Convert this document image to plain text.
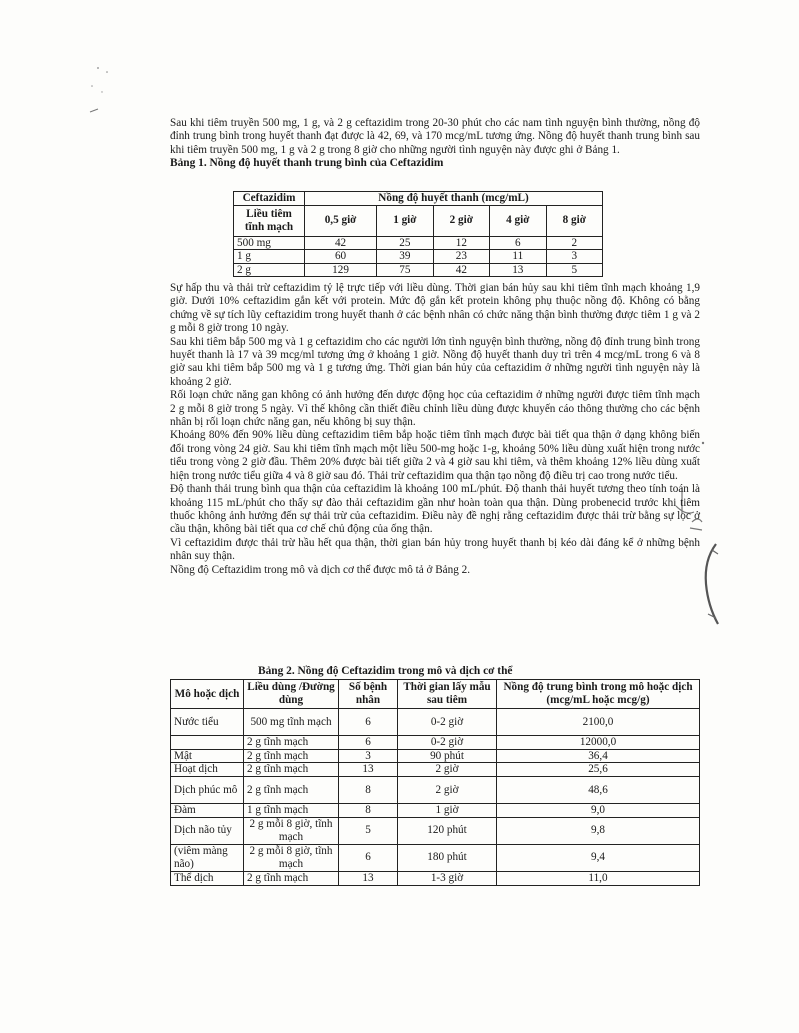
Sau khi tiêm truyền 500 mg, 1 g, và 2 g ceftazidim trong 20-30 phút cho các nam tình nguyện bình thường, nồng độ đỉnh trung bình trong huyết thanh đạt được là 42, 69, và 170 mcg/mL tương ứng. Nồng độ huyết thanh trung bình sau khi tiêm truyền 500 mg, 1 g và 2 g trong 8 giờ cho những người tình nguyện này được ghi ở Bảng 1.

Bảng 1. Nồng độ huyết thanh trung bình của Ceftazidim
Ceftazidim	Nồng độ huyết thanh (mcg/mL)				
Liều tiêm tĩnh mạch	0,5 giờ	1 giờ	2 giờ	4 giờ	8 giờ
500 mg	42	25	12	6	2
1 g	60	39	23	11	3
2 g	129	75	42	13	5

Sự hấp thu và thải trừ ceftazidim tỷ lệ trực tiếp với liều dùng. Thời gian bán hủy sau khi tiêm tĩnh mạch khoảng 1,9 giờ. Dưới 10% ceftazidim gắn kết với protein. Mức độ gắn kết protein không phụ thuộc nồng độ. Không có bằng chứng về sự tích lũy ceftazidim trong huyết thanh ở các bệnh nhân có chức năng thận bình thường được tiêm 1 g và 2 g mỗi 8 giờ trong 10 ngày.

Sau khi tiêm bắp 500 mg và 1 g ceftazidim cho các người lớn tình nguyện bình thường, nồng độ đỉnh trung bình trong huyết thanh là 17 và 39 mcg/ml tương ứng ở khoảng 1 giờ. Nồng độ huyết thanh duy trì trên 4 mcg/mL trong 6 và 8 giờ sau khi tiêm bắp 500 mg và 1 g tương ứng. Thời gian bán hủy của ceftazidim ở những người tình nguyện này là khoảng 2 giờ.

Rối loạn chức năng gan không có ảnh hưởng đến dược động học của ceftazidim ở những người được tiêm tĩnh mạch 2 g mỗi 8 giờ trong 5 ngày. Vì thế không cần thiết điều chỉnh liều dùng được khuyến cáo thông thường cho các bệnh nhân bị rối loạn chức năng gan, nếu không bị suy thận.

Khoảng 80% đến 90% liều dùng ceftazidim tiêm bắp hoặc tiêm tĩnh mạch được bài tiết qua thận ở dạng không biến đổi trong vòng 24 giờ. Sau khi tiêm tĩnh mạch một liều 500-mg hoặc 1-g, khoảng 50% liều dùng xuất hiện trong nước tiểu trong vòng 2 giờ đầu. Thêm 20% được bài tiết giữa 2 và 4 giờ sau khi tiêm, và thêm khoảng 12% liều dùng xuất hiện trong nước tiểu giữa 4 và 8 giờ sau đó. Thải trừ ceftazidim qua thận tạo nồng độ điều trị cao trong nước tiểu.

Độ thanh thải trung bình qua thận của ceftazidim là khoảng 100 mL/phút. Độ thanh thải huyết tương theo tính toán là khoảng 115 mL/phút cho thấy sự đào thải ceftazidim gần như hoàn toàn qua thận. Dùng probenecid trước khi tiêm thuốc không ảnh hưởng đến sự thải trừ của ceftazidim. Điều này đề nghị rằng ceftazidim được thải trừ bằng sự lọc ở cầu thận, không bài tiết qua cơ chế chủ động của ống thận.

Vì ceftazidim được thải trừ hầu hết qua thận, thời gian bán hủy trong huyết thanh bị kéo dài đáng kể ở những bệnh nhân suy thận.

Nồng độ Ceftazidim trong mô và dịch cơ thể được mô tả ở Bảng 2.

Bảng 2. Nồng độ Ceftazidim trong mô và dịch cơ thể
Mô hoặc dịch	Liều dùng /Đường dùng	Số bệnh nhân	Thời gian lấy mẫu sau tiêm	Nồng độ trung bình trong mô hoặc dịch (mcg/mL hoặc mcg/g)
Nước tiểu	500 mg tĩnh mạch	6	0-2 giờ	2100,0
	2 g tĩnh mạch	6	0-2 giờ	12000,0
Mật	2 g tĩnh mạch	3	90 phút	36,4
Hoạt dịch	2 g tĩnh mạch	13	2 giờ	25,6
Dịch phúc mô	2 g tĩnh mạch	8	2 giờ	48,6
Đàm	1 g tĩnh mạch	8	1 giờ	9,0
Dịch não tủy	2 g mỗi 8 giờ, tĩnh mạch	5	120 phút	9,8
(viêm màng não)	2 g mỗi 8 giờ, tĩnh mạch	6	180 phút	9,4
Thể dịch	2 g tĩnh mạch	13	1-3 giờ	11,0
